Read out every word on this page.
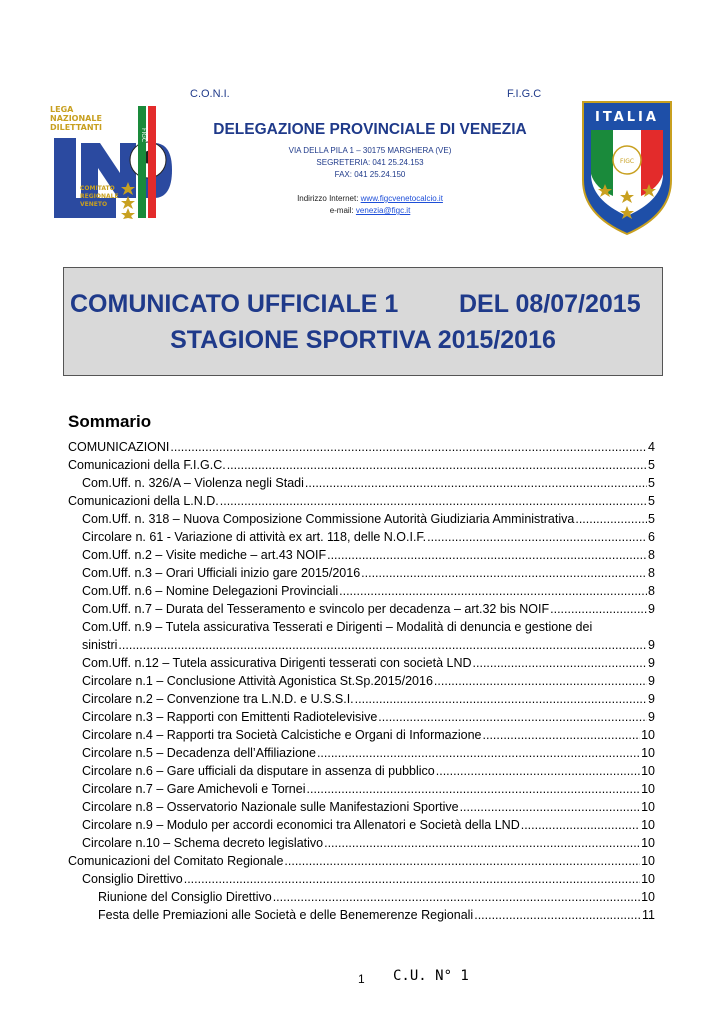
C.O.N.I.	F.I.G.C
FIGC
LEGA
NAZIONALE
DILETTANTI
LND
COMITATO
REGIONALE
VENETO
ITALIA
FIGC
DELEGAZIONE PROVINCIALE DI VENEZIA
VIA DELLA PILA 1 – 30175 MARGHERA (VE)
SEGRETERIA: 041 25.24.153
FAX: 041 25.24.150
Indirizzo Internet: www.figcvenetocalcio.it
e-mail: venezia@figc.it
COMUNICATO UFFICIALE 1 DEL 08/07/2015
STAGIONE SPORTIVA 2015/2016
Sommario
COMUNICAZIONI .....	4
Comunicazioni della F.I.G.C. .....	5
Com.Uff. n. 326/A – Violenza negli Stadi .....	5
Comunicazioni della L.N.D. .....	5
Com.Uff. n. 318 – Nuova Composizione Commissione Autorità Giudiziaria Amministrativa .....	5
Circolare n. 61 - Variazione di attività ex art. 118, delle N.O.I.F. .....	6
Com.Uff. n.2 – Visite mediche – art.43 NOIF .....	8
Com.Uff. n.3 – Orari Ufficiali inizio gare 2015/2016 .....	8
Com.Uff. n.6 – Nomine Delegazioni Provinciali .....	8
Com.Uff. n.7 – Durata del Tesseramento e svincolo per decadenza – art.32 bis NOIF .....	9
Com.Uff. n.9 – Tutela assicurativa Tesserati e Dirigenti – Modalità di denuncia e gestione dei
sinistri .....	9
Com.Uff. n.12 – Tutela assicurativa Dirigenti tesserati con società LND .....	9
Circolare n.1 – Conclusione Attività Agonistica St.Sp.2015/2016 .....	9
Circolare n.2 – Convenzione tra L.N.D. e U.S.S.I. .....	9
Circolare n.3 – Rapporti con Emittenti Radiotelevisive .....	9
Circolare n.4 – Rapporti tra Società Calcistiche e Organi di Informazione .....	10
Circolare n.5 – Decadenza dell’Affiliazione .....	10
Circolare n.6 – Gare ufficiali da disputare in assenza di pubblico .....	10
Circolare n.7 – Gare Amichevoli e Tornei .....	10
Circolare n.8 – Osservatorio Nazionale sulle Manifestazioni Sportive .....	10
Circolare n.9 – Modulo per accordi economici tra Allenatori e Società della LND .....	10
Circolare n.10 – Schema decreto legislativo .....	10
Comunicazioni del Comitato Regionale .....	10
Consiglio Direttivo .....	10
Riunione del Consiglio Direttivo .....	10
Festa delle Premiazioni alle Società e delle Benemerenze Regionali .....	11
1 C.U. N° 1
